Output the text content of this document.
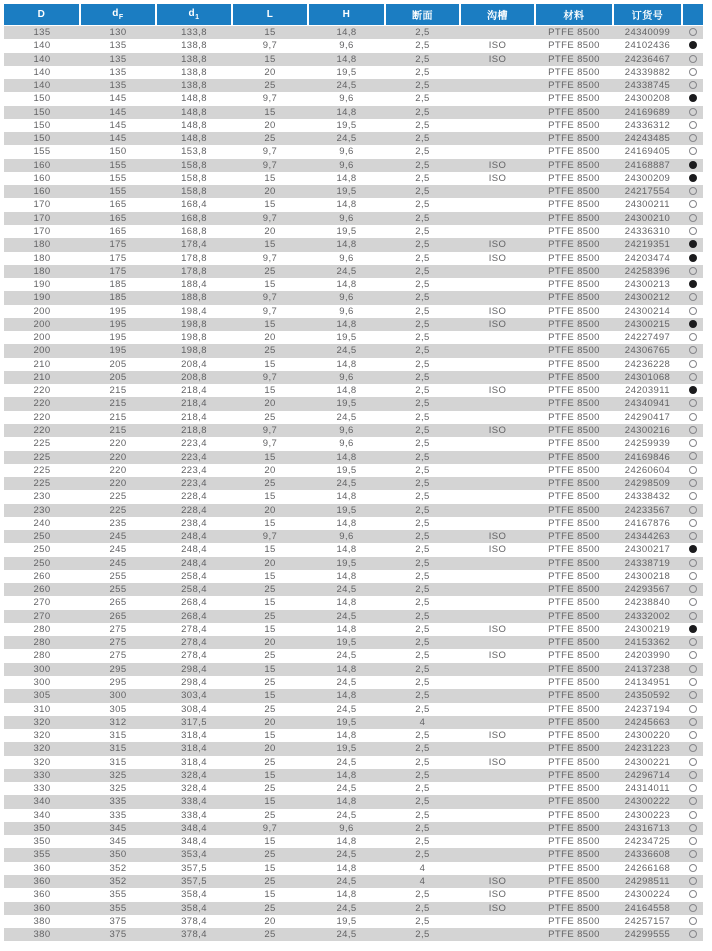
D	$d_F$	$d_1$	L	H	断面	沟槽	材料	订货号	
135	130	133,8	15	14,8	2,5		PTFE 8500	24340099	
140	135	138,8	9,7	9,6	2,5	ISO	PTFE 8500	24102436	
140	135	138,8	15	14,8	2,5	ISO	PTFE 8500	24236467	
140	135	138,8	20	19,5	2,5		PTFE 8500	24339882	
140	135	138,8	25	24,5	2,5		PTFE 8500	24338745	
150	145	148,8	9,7	9,6	2,5		PTFE 8500	24300208	
150	145	148,8	15	14,8	2,5		PTFE 8500	24169689	
150	145	148,8	20	19,5	2,5		PTFE 8500	24336312	
150	145	148,8	25	24,5	2,5		PTFE 8500	24243485	
155	150	153,8	9,7	9,6	2,5		PTFE 8500	24169405	
160	155	158,8	9,7	9,6	2,5	ISO	PTFE 8500	24168887	
160	155	158,8	15	14,8	2,5	ISO	PTFE 8500	24300209	
160	155	158,8	20	19,5	2,5		PTFE 8500	24217554	
170	165	168,4	15	14,8	2,5		PTFE 8500	24300211	
170	165	168,8	9,7	9,6	2,5		PTFE 8500	24300210	
170	165	168,8	20	19,5	2,5		PTFE 8500	24336310	
180	175	178,4	15	14,8	2,5	ISO	PTFE 8500	24219351	
180	175	178,8	9,7	9,6	2,5	ISO	PTFE 8500	24203474	
180	175	178,8	25	24,5	2,5		PTFE 8500	24258396	
190	185	188,4	15	14,8	2,5		PTFE 8500	24300213	
190	185	188,8	9,7	9,6	2,5		PTFE 8500	24300212	
200	195	198,4	9,7	9,6	2,5	ISO	PTFE 8500	24300214	
200	195	198,8	15	14,8	2,5	ISO	PTFE 8500	24300215	
200	195	198,8	20	19,5	2,5		PTFE 8500	24227497	
200	195	198,8	25	24,5	2,5		PTFE 8500	24306765	
210	205	208,4	15	14,8	2,5		PTFE 8500	24236228	
210	205	208,8	9,7	9,6	2,5		PTFE 8500	24301068	
220	215	218,4	15	14,8	2,5	ISO	PTFE 8500	24203911	
220	215	218,4	20	19,5	2,5		PTFE 8500	24340941	
220	215	218,4	25	24,5	2,5		PTFE 8500	24290417	
220	215	218,8	9,7	9,6	2,5	ISO	PTFE 8500	24300216	
225	220	223,4	9,7	9,6	2,5		PTFE 8500	24259939	
225	220	223,4	15	14,8	2,5		PTFE 8500	24169846	
225	220	223,4	20	19,5	2,5		PTFE 8500	24260604	
225	220	223,4	25	24,5	2,5		PTFE 8500	24298509	
230	225	228,4	15	14,8	2,5		PTFE 8500	24338432	
230	225	228,4	20	19,5	2,5		PTFE 8500	24233567	
240	235	238,4	15	14,8	2,5		PTFE 8500	24167876	
250	245	248,4	9,7	9,6	2,5	ISO	PTFE 8500	24344263	
250	245	248,4	15	14,8	2,5	ISO	PTFE 8500	24300217	
250	245	248,4	20	19,5	2,5		PTFE 8500	24338719	
260	255	258,4	15	14,8	2,5		PTFE 8500	24300218	
260	255	258,4	25	24,5	2,5		PTFE 8500	24293567	
270	265	268,4	15	14,8	2,5		PTFE 8500	24238840	
270	265	268,4	25	24,5	2,5		PTFE 8500	24332002	
280	275	278,4	15	14,8	2,5	ISO	PTFE 8500	24300219	
280	275	278,4	20	19,5	2,5		PTFE 8500	24153362	
280	275	278,4	25	24,5	2,5	ISO	PTFE 8500	24203990	
300	295	298,4	15	14,8	2,5		PTFE 8500	24137238	
300	295	298,4	25	24,5	2,5		PTFE 8500	24134951	
305	300	303,4	15	14,8	2,5		PTFE 8500	24350592	
310	305	308,4	25	24,5	2,5		PTFE 8500	24237194	
320	312	317,5	20	19,5	4		PTFE 8500	24245663	
320	315	318,4	15	14,8	2,5	ISO	PTFE 8500	24300220	
320	315	318,4	20	19,5	2,5		PTFE 8500	24231223	
320	315	318,4	25	24,5	2,5	ISO	PTFE 8500	24300221	
330	325	328,4	15	14,8	2,5		PTFE 8500	24296714	
330	325	328,4	25	24,5	2,5		PTFE 8500	24314011	
340	335	338,4	15	14,8	2,5		PTFE 8500	24300222	
340	335	338,4	25	24,5	2,5		PTFE 8500	24300223	
350	345	348,4	9,7	9,6	2,5		PTFE 8500	24316713	
350	345	348,4	15	14,8	2,5		PTFE 8500	24234725	
355	350	353,4	25	24,5	2,5		PTFE 8500	24336608	
360	352	357,5	15	14,8	4		PTFE 8500	24266168	
360	352	357,5	25	24,5	4	ISO	PTFE 8500	24298511	
360	355	358,4	15	14,8	2,5	ISO	PTFE 8500	24300224	
360	355	358,4	25	24,5	2,5	ISO	PTFE 8500	24164558	
380	375	378,4	20	19,5	2,5		PTFE 8500	24257157	
380	375	378,4	25	24,5	2,5		PTFE 8500	24299555	
